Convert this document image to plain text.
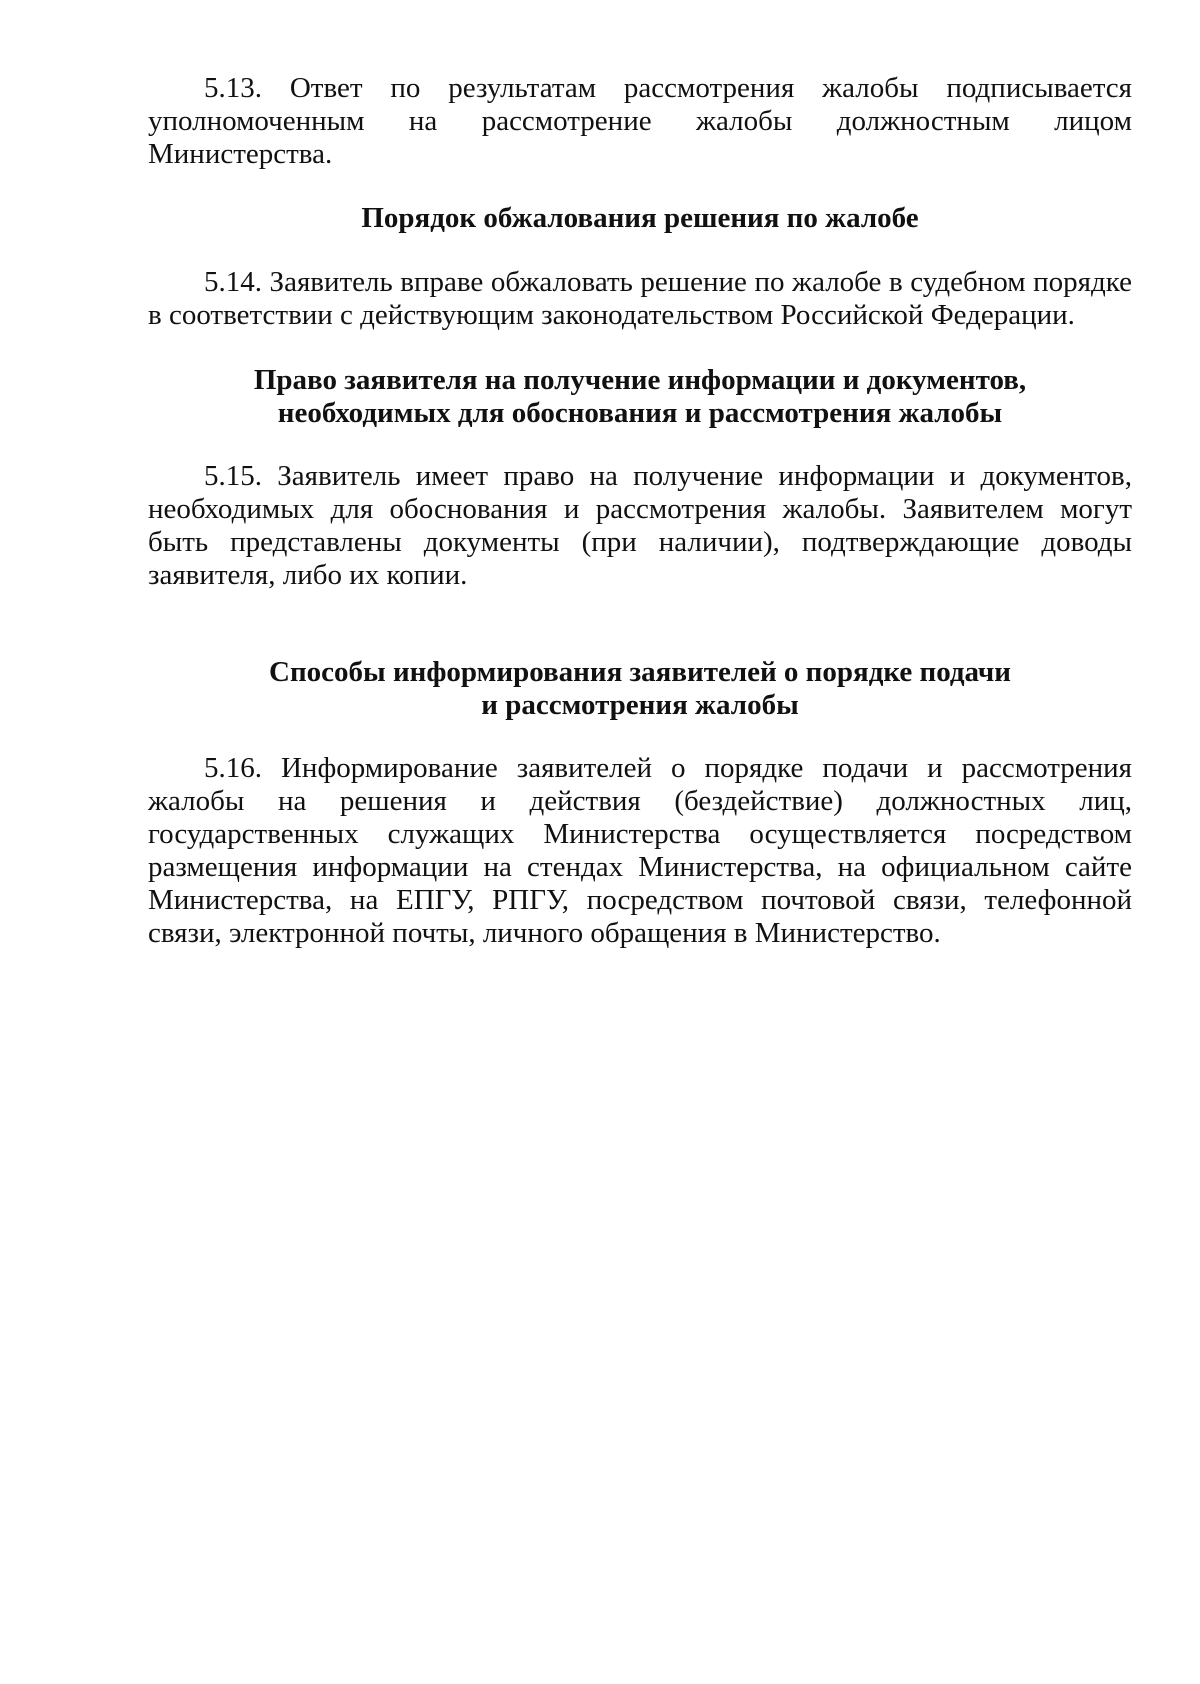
5.13. Ответ по результатам рассмотрения жалобы подписывается уполномоченным на рассмотрение жалобы должностным лицом Министерства.

Порядок обжалования решения по жалобе

5.14. Заявитель вправе обжаловать решение по жалобе в судебном порядке в соответствии с действующим законодательством Российской Федерации.

Право заявителя на получение информации и документов,
необходимых для обоснования и рассмотрения жалобы

5.15. Заявитель имеет право на получение информации и документов, необходимых для обоснования и рассмотрения жалобы. Заявителем могут быть представлены документы (при наличии), подтверждающие доводы заявителя, либо их копии.

Способы информирования заявителей о порядке подачи
и рассмотрения жалобы

5.16. Информирование заявителей о порядке подачи и рассмотрения жалобы на решения и действия (бездействие) должностных лиц, государственных служащих Министерства осуществляется посредством размещения информации на стендах Министерства, на официальном сайте Министерства, на ЕПГУ, РПГУ, посредством почтовой связи, телефонной связи, электронной почты, личного обращения в Министерство.
